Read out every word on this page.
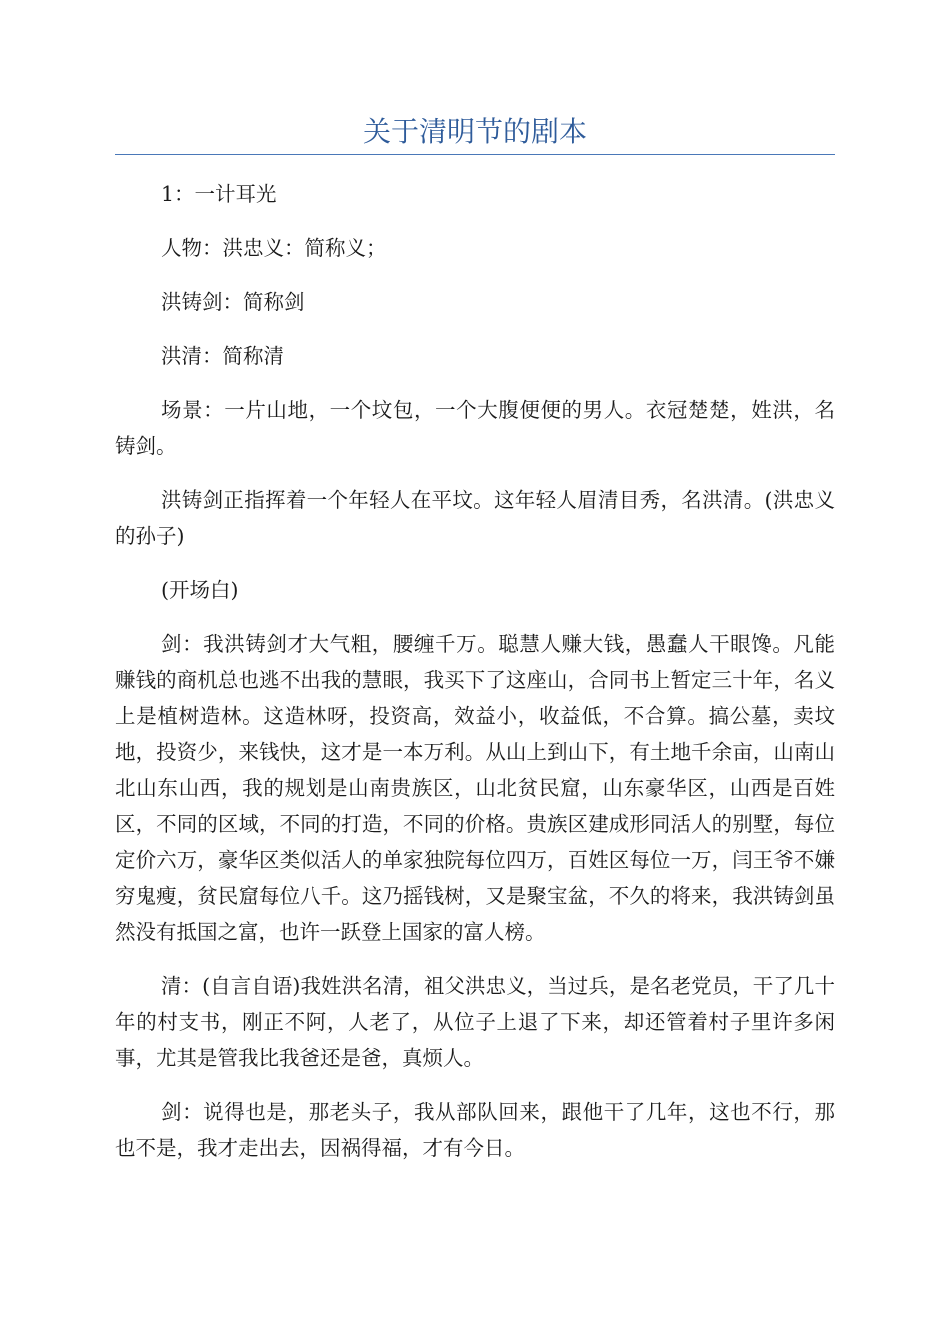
关于清明节的剧本

1：一计耳光

人物：洪忠义：简称义；

洪铸剑：简称剑

洪清：简称清

场景：一片山地，一个坟包，一个大腹便便的男人。衣冠楚楚，姓洪，名铸剑。

洪铸剑正指挥着一个年轻人在平坟。这年轻人眉清目秀，名洪清。(洪忠义的孙子)

(开场白)

剑：我洪铸剑才大气粗，腰缠千万。聪慧人赚大钱，愚蠢人干眼馋。凡能赚钱的商机总也逃不出我的慧眼，我买下了这座山，合同书上暂定三十年，名义上是植树造林。这造林呀，投资高，效益小，收益低，不合算。搞公墓，卖坟地，投资少，来钱快，这才是一本万利。从山上到山下，有土地千余亩，山南山北山东山西，我的规划是山南贵族区，山北贫民窟，山东豪华区，山西是百姓区，不同的区域，不同的打造，不同的价格。贵族区建成形同活人的别墅，每位定价六万，豪华区类似活人的单家独院每位四万，百姓区每位一万，闫王爷不嫌穷鬼瘦，贫民窟每位八千。这乃摇钱树，又是聚宝盆，不久的将来，我洪铸剑虽然没有抵国之富，也许一跃登上国家的富人榜。

清：(自言自语)我姓洪名清，祖父洪忠义，当过兵，是名老党员，干了几十年的村支书，刚正不阿，人老了，从位子上退了下来，却还管着村子里许多闲事，尤其是管我比我爸还是爸，真烦人。

剑：说得也是，那老头子，我从部队回来，跟他干了几年，这也不行，那也不是，我才走出去，因祸得福，才有今日。
